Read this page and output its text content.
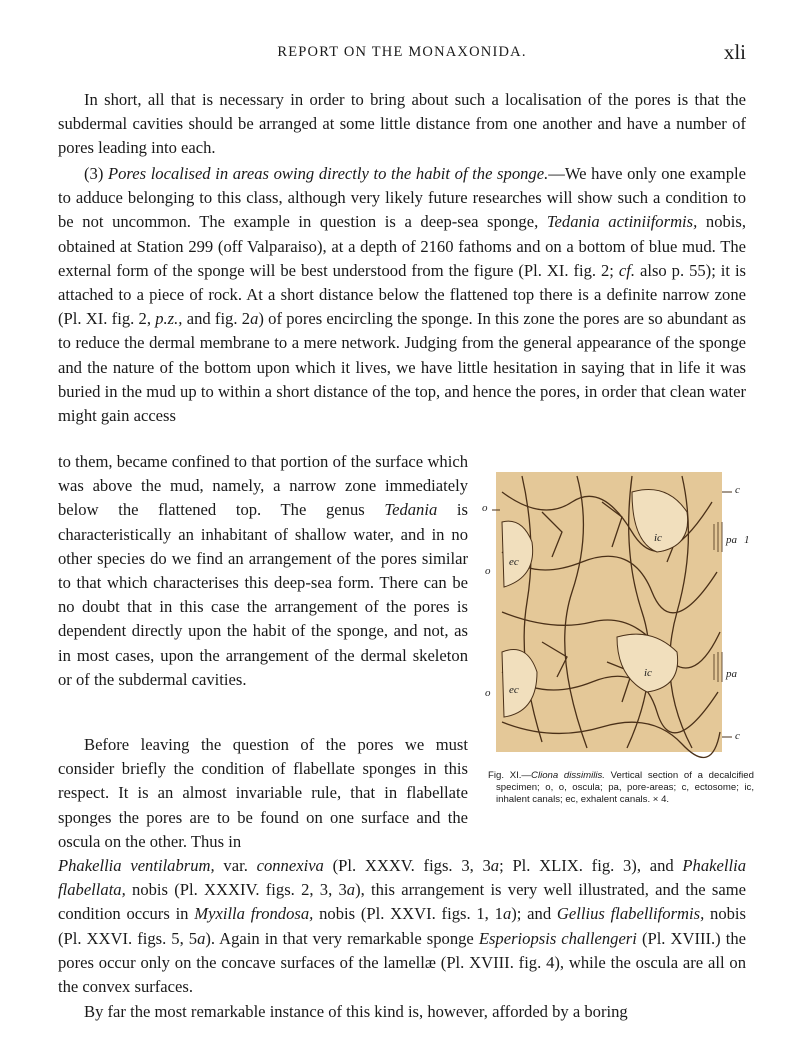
REPORT ON THE MONAXONIDA.	xli

In short, all that is necessary in order to bring about such a localisation of the pores is that the subdermal cavities should be arranged at some little distance from one another and have a number of pores leading into each.

(3) Pores localised in areas owing directly to the habit of the sponge.—We have only one example to adduce belonging to this class, although very likely future researches will show such a condition to be not uncommon. The example in question is a deep-sea sponge, Tedania actiniiformis, nobis, obtained at Station 299 (off Valparaiso), at a depth of 2160 fathoms and on a bottom of blue mud. The external form of the sponge will be best understood from the figure (Pl. XI. fig. 2; cf. also p. 55); it is attached to a piece of rock. At a short distance below the flattened top there is a definite narrow zone (Pl. XI. fig. 2, p.z., and fig. 2a) of pores encircling the sponge. In this zone the pores are so abundant as to reduce the dermal membrane to a mere network. Judging from the general appearance of the sponge and the nature of the bottom upon which it lives, we have little hesitation in saying that in life it was buried in the mud up to within a short distance of the top, and hence the pores, in order that clean water might gain access

to them, became confined to that portion of the surface which was above the mud, namely, a narrow zone immediately below the flattened top. The genus Tedania is characteristically an inhabitant of shallow water, and in no other species do we find an arrangement of the pores similar to that which characterises this deep-sea form. There can be no doubt that in this case the arrangement of the pores is dependent directly upon the habit of the sponge, and not, as in most cases, upon the arrangement of the dermal skeleton or of the subdermal cavities.

Before leaving the question of the pores we must consider briefly the condition of flabellate sponges in this respect. It is an almost invariable rule, that in flabellate sponges the pores are to be found on one surface and the oscula on the other. Thus in

Phakellia ventilabrum, var. connexiva (Pl. XXXV. figs. 3, 3a; Pl. XLIX. fig. 3), and Phakellia flabellata, nobis (Pl. XXXIV. figs. 2, 3, 3a), this arrangement is very well illustrated, and the same condition occurs in Myxilla frondosa, nobis (Pl. XXVI. figs. 1, 1a); and Gellius flabelliformis, nobis (Pl. XXVI. figs. 5, 5a). Again in that very remarkable sponge Esperiopsis challengeri (Pl. XVIII.) the pores occur only on the concave surfaces of the lamellæ (Pl. XVIII. fig. 4), while the oscula are all on the convex surfaces.

By far the most remarkable instance of this kind is, however, afforded by a boring

o
o
o
c
c
ic
ic
ec
ec
pa 1
pa
Fig. XI.—Cliona dissimilis. Vertical section of a decalcified specimen; o, o, oscula; pa, pore-areas; c, ectosome; ic, inhalent canals; ec, exhalent canals. × 4.
